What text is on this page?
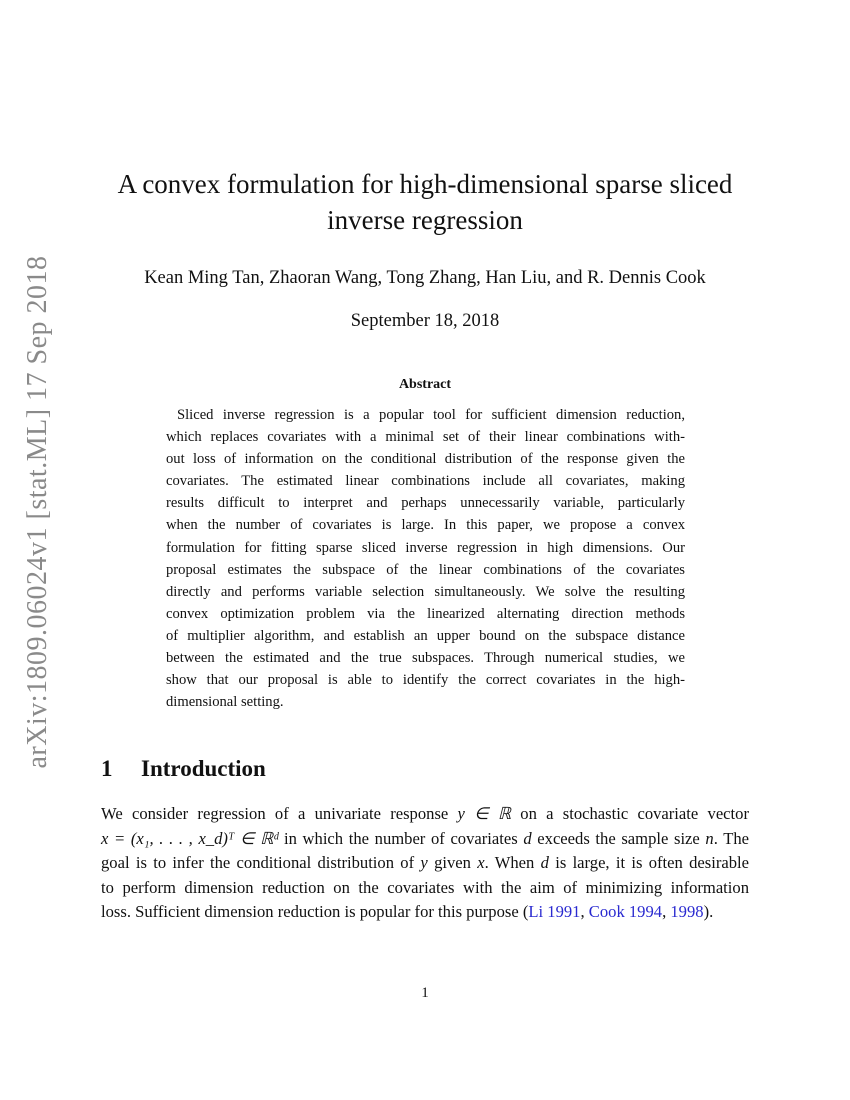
arXiv:1809.06024v1 [stat.ML] 17 Sep 2018
A convex formulation for high-dimensional sparse sliced
inverse regression
Kean Ming Tan, Zhaoran Wang, Tong Zhang, Han Liu, and R. Dennis Cook
September 18, 2018
Abstract
Sliced inverse regression is a popular tool for sufficient dimension reduction,
which replaces covariates with a minimal set of their linear combinations with-
out loss of information on the conditional distribution of the response given the
covariates. The estimated linear combinations include all covariates, making
results difficult to interpret and perhaps unnecessarily variable, particularly
when the number of covariates is large. In this paper, we propose a convex
formulation for fitting sparse sliced inverse regression in high dimensions. Our
proposal estimates the subspace of the linear combinations of the covariates
directly and performs variable selection simultaneously. We solve the resulting
convex optimization problem via the linearized alternating direction methods
of multiplier algorithm, and establish an upper bound on the subspace distance
between the estimated and the true subspaces. Through numerical studies, we
show that our proposal is able to identify the correct covariates in the high-
dimensional setting.
1 Introduction
We consider regression of a univariate response y ∈ ℝ on a stochastic covariate vector
x = (x₁, . . . , x_d)ᵀ ∈ ℝᵈ in which the number of covariates d exceeds the sample size n. The
goal is to infer the conditional distribution of y given x. When d is large, it is often desirable
to perform dimension reduction on the covariates with the aim of minimizing information
loss. Sufficient dimension reduction is popular for this purpose (Li 1991, Cook 1994, 1998).
1
